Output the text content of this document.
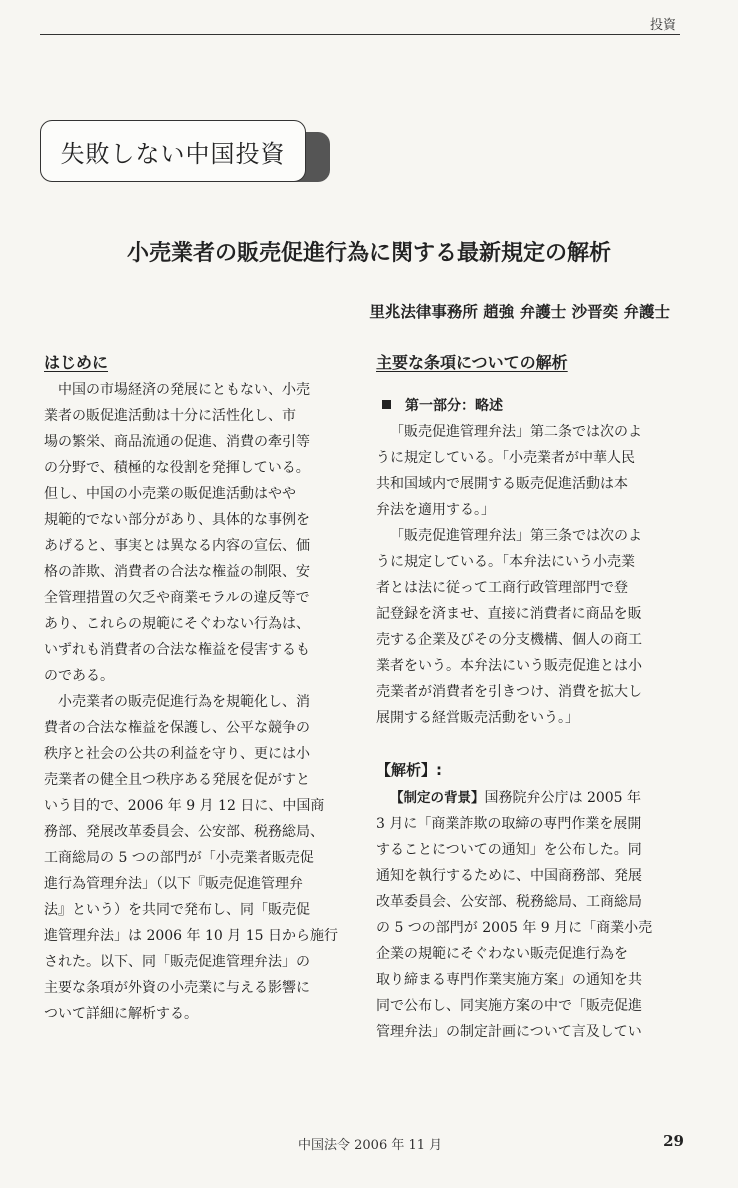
投資
失敗しない中国投資
小売業者の販売促進行為に関する最新規定の解析
里兆法律事務所 趙強 弁護士 沙晋奕 弁護士
はじめに

中国の市場経済の発展にともない、小売
業者の販促進活動は十分に活性化し、市
場の繁栄、商品流通の促進、消費の牽引等
の分野で、積極的な役割を発揮している。
但し、中国の小売業の販促進活動はやや
規範的でない部分があり、具体的な事例を
あげると、事実とは異なる内容の宣伝、価
格の詐欺、消費者の合法な権益の制限、安
全管理措置の欠乏や商業モラルの違反等で
あり、これらの規範にそぐわない行為は、
いずれも消費者の合法な権益を侵害するも
のである。

小売業者の販売促進行為を規範化し、消
費者の合法な権益を保護し、公平な競争の
秩序と社会の公共の利益を守り、更には小
売業者の健全且つ秩序ある発展を促がすと
いう目的で、2006 年 9 月 12 日に、中国商
務部、発展改革委員会、公安部、税務総局、
工商総局の 5 つの部門が「小売業者販売促
進行為管理弁法」（以下『販売促進管理弁
法』という）を共同で発布し、同「販売促
進管理弁法」は 2006 年 10 月 15 日から施行
された。以下、同「販売促進管理弁法」の
主要な条項が外資の小売業に与える影響に
ついて詳細に解析する。

主要な条項についての解析

第一部分：略述

「販売促進管理弁法」第二条では次のよ
うに規定している。「小売業者が中華人民
共和国域内で展開する販売促進活動は本
弁法を適用する。」

「販売促進管理弁法」第三条では次のよ
うに規定している。「本弁法にいう小売業
者とは法に従って工商行政管理部門で登
記登録を済ませ、直接に消費者に商品を販
売する企業及びその分支機構、個人の商工
業者をいう。本弁法にいう販売促進とは小
売業者が消費者を引きつけ、消費を拡大し
展開する経営販売活動をいう。」

【解析】:

【制定の背景】国務院弁公庁は 2005 年
3 月に「商業詐欺の取締の専門作業を展開
することについての通知」を公布した。同
通知を執行するために、中国商務部、発展
改革委員会、公安部、税務総局、工商総局
の 5 つの部門が 2005 年 9 月に「商業小売
企業の規範にそぐわない販売促進行為を
取り締まる専門作業実施方案」の通知を共
同で公布し、同実施方案の中で「販売促進
管理弁法」の制定計画について言及してい

中国法令 2006 年 11 月	29
